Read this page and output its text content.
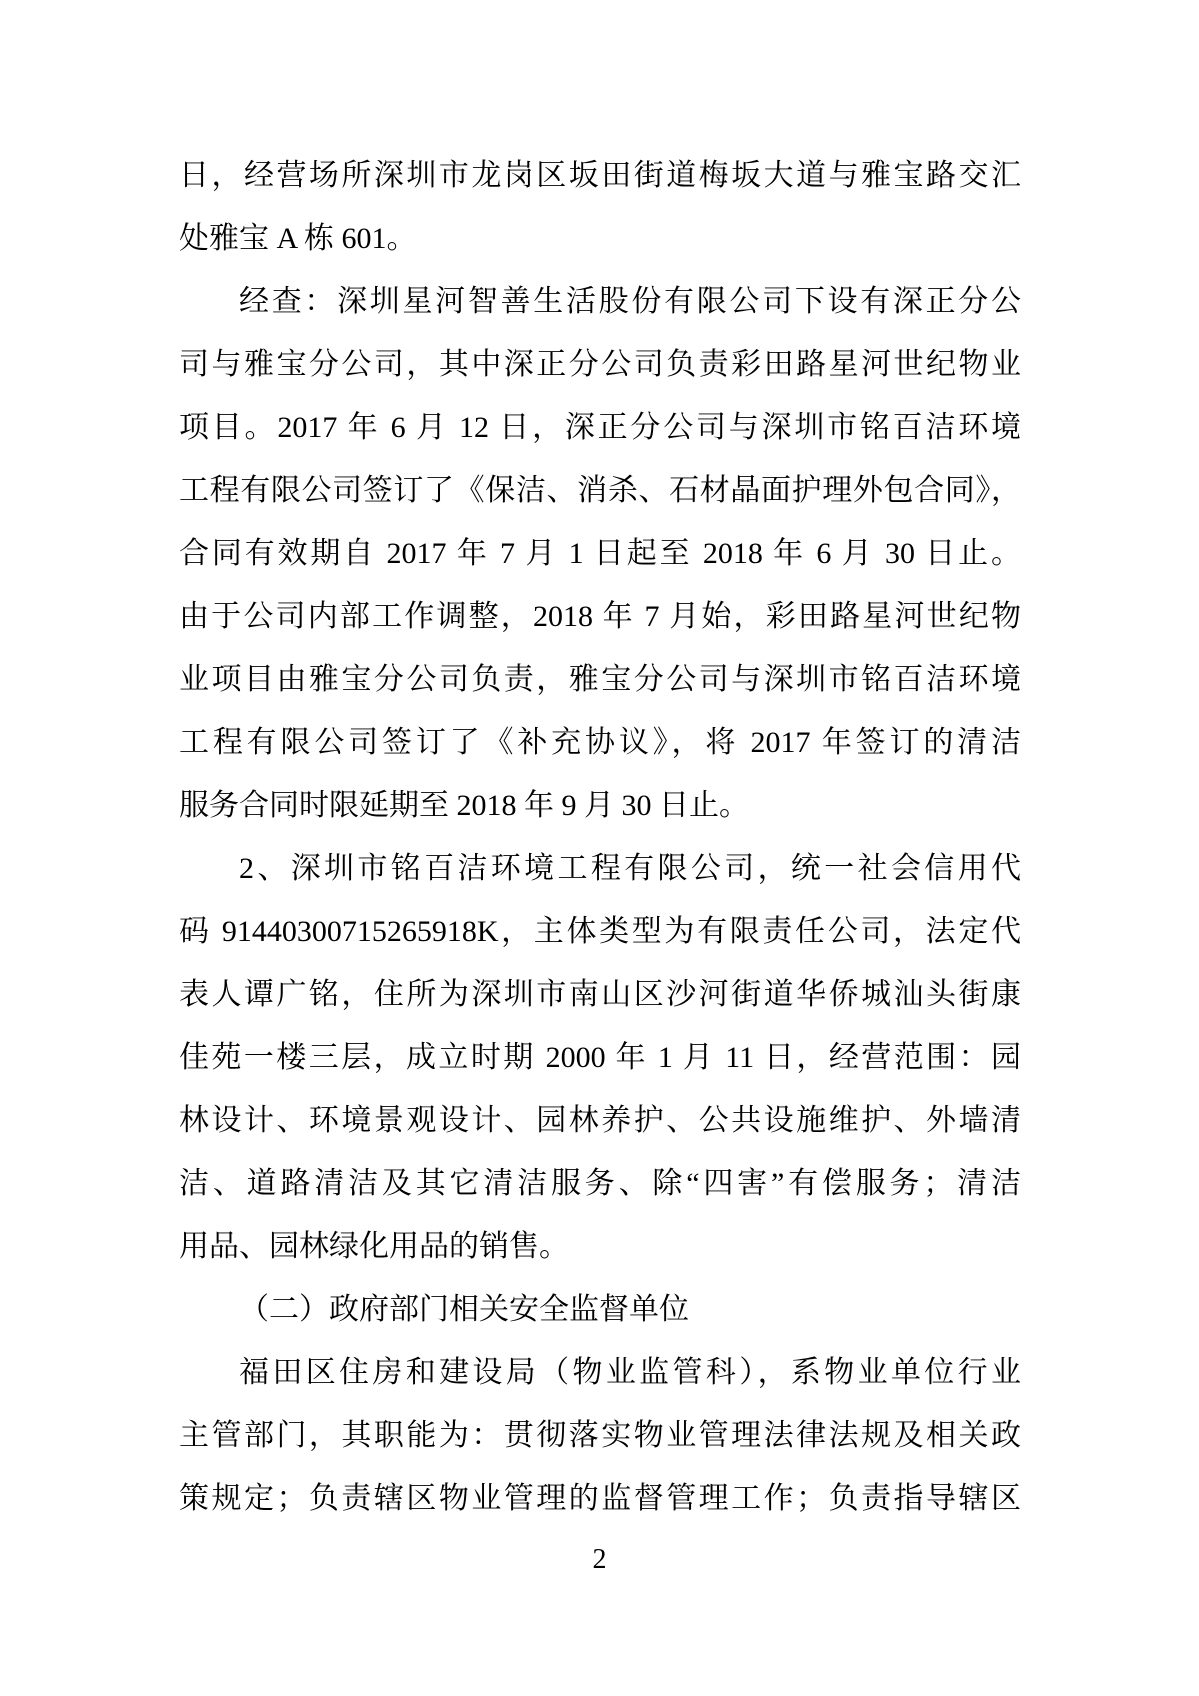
日，经营场所深圳市龙岗区坂田街道梅坂大道与雅宝路交汇
处雅宝 A 栋 601。
经查：深圳星河智善生活股份有限公司下设有深正分公
司与雅宝分公司，其中深正分公司负责彩田路星河世纪物业
项目。2017 年 6 月 12 日，深正分公司与深圳市铭百洁环境
工程有限公司签订了《保洁、消杀、石材晶面护理外包合同》，
合同有效期自 2017 年 7 月 1 日起至 2018 年 6 月 30 日止。
由于公司内部工作调整，2018 年 7 月始，彩田路星河世纪物
业项目由雅宝分公司负责，雅宝分公司与深圳市铭百洁环境
工程有限公司签订了《补充协议》，将 2017 年签订的清洁
服务合同时限延期至 2018 年 9 月 30 日止。
2、深圳市铭百洁环境工程有限公司，统一社会信用代
码 91440300715265918K，主体类型为有限责任公司，法定代
表人谭广铭，住所为深圳市南山区沙河街道华侨城汕头街康
佳苑一楼三层，成立时期 2000 年 1 月 11 日，经营范围：园
林设计、环境景观设计、园林养护、公共设施维护、外墙清
洁、道路清洁及其它清洁服务、除“四害”有偿服务；清洁
用品、园林绿化用品的销售。
（二）政府部门相关安全监督单位
福田区住房和建设局（物业监管科），系物业单位行业
主管部门，其职能为：贯彻落实物业管理法律法规及相关政
策规定；负责辖区物业管理的监督管理工作；负责指导辖区
2
